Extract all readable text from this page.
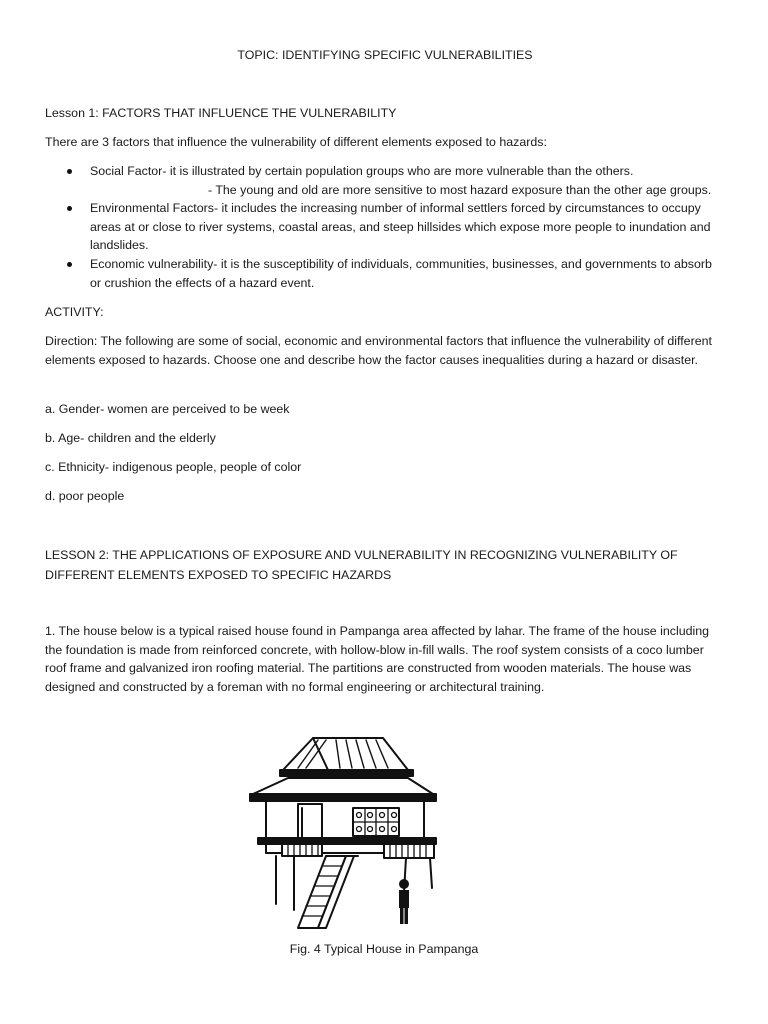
TOPIC: IDENTIFYING SPECIFIC VULNERABILITIES
Lesson 1: FACTORS THAT INFLUENCE THE VULNERABILITY
There are 3 factors that influence the vulnerability of different elements exposed to hazards:
Social Factor- it is illustrated by certain population groups who are more vulnerable than the others.
- The young and old are more sensitive to most hazard exposure than the other age groups.
Environmental Factors- it includes the increasing number of informal settlers forced by circumstances to occupy areas at or close to river systems, coastal areas, and steep hillsides which expose more people to inundation and landslides.
Economic vulnerability- it is the susceptibility of individuals, communities, businesses, and governments to absorb or crushion the effects of a hazard event.
ACTIVITY:
Direction: The following are some of social, economic and environmental factors that influence the vulnerability of different elements exposed to hazards. Choose one and describe how the factor causes inequalities during a hazard or disaster.
a. Gender- women are perceived to be week
b. Age- children and the elderly
c. Ethnicity- indigenous people, people of color
d. poor people
LESSON 2: THE APPLICATIONS OF EXPOSURE AND VULNERABILITY IN RECOGNIZING VULNERABILITY OF DIFFERENT ELEMENTS EXPOSED TO SPECIFIC HAZARDS
1. The house below is a typical raised house found in Pampanga area affected by lahar. The frame of the house including the foundation is made from reinforced concrete, with hollow-blow in-fill walls. The roof system consists of a coco lumber roof frame and galvanized iron roofing material. The partitions are constructed from wooden materials. The house was designed and constructed by a foreman with no formal engineering or architectural training.
Fig. 4 Typical House in Pampanga
